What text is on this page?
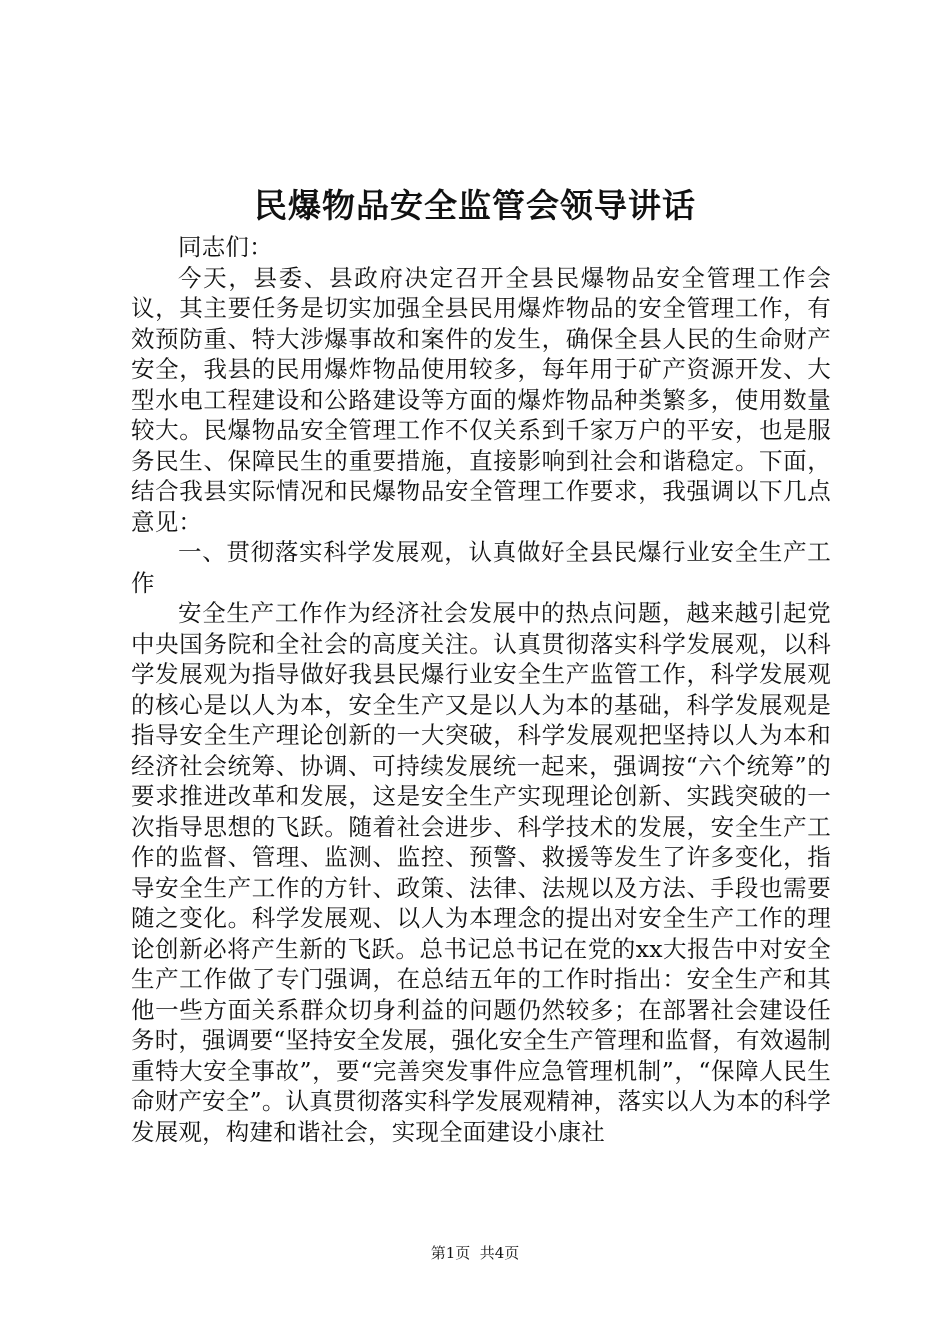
民爆物品安全监管会领导讲话

同志们：

今天，县委、县政府决定召开全县民爆物品安全管理工作会议，其主要任务是切实加强全县民用爆炸物品的安全管理工作，有效预防重、特大涉爆事故和案件的发生，确保全县人民的生命财产安全，我县的民用爆炸物品使用较多，每年用于矿产资源开发、大型水电工程建设和公路建设等方面的爆炸物品种类繁多，使用数量较大。民爆物品安全管理工作不仅关系到千家万户的平安，也是服务民生、保障民生的重要措施，直接影响到社会和谐稳定。下面，结合我县实际情况和民爆物品安全管理工作要求，我强调以下几点意见：

一、贯彻落实科学发展观，认真做好全县民爆行业安全生产工作

安全生产工作作为经济社会发展中的热点问题，越来越引起党中央国务院和全社会的高度关注。认真贯彻落实科学发展观，以科学发展观为指导做好我县民爆行业安全生产监管工作，科学发展观的核心是以人为本，安全生产又是以人为本的基础，科学发展观是指导安全生产理论创新的一大突破，科学发展观把坚持以人为本和经济社会统筹、协调、可持续发展统一起来，强调按“六个统筹”的要求推进改革和发展，这是安全生产实现理论创新、实践突破的一次指导思想的飞跃。随着社会进步、科学技术的发展，安全生产工作的监督、管理、监测、监控、预警、救援等发生了许多变化，指导安全生产工作的方针、政策、法律、法规以及方法、手段也需要随之变化。科学发展观、以人为本理念的提出对安全生产工作的理论创新必将产生新的飞跃。总书记总书记在党的xx大报告中对安全生产工作做了专门强调，在总结五年的工作时指出：安全生产和其他一些方面关系群众切身利益的问题仍然较多；在部署社会建设任务时，强调要“坚持安全发展，强化安全生产管理和监督，有效遏制重特大安全事故”，要“完善突发事件应急管理机制”，“保障人民生命财产安全”。认真贯彻落实科学发展观精神，落实以人为本的科学发展观，构建和谐社会，实现全面建设小康社

第1页  共4页
